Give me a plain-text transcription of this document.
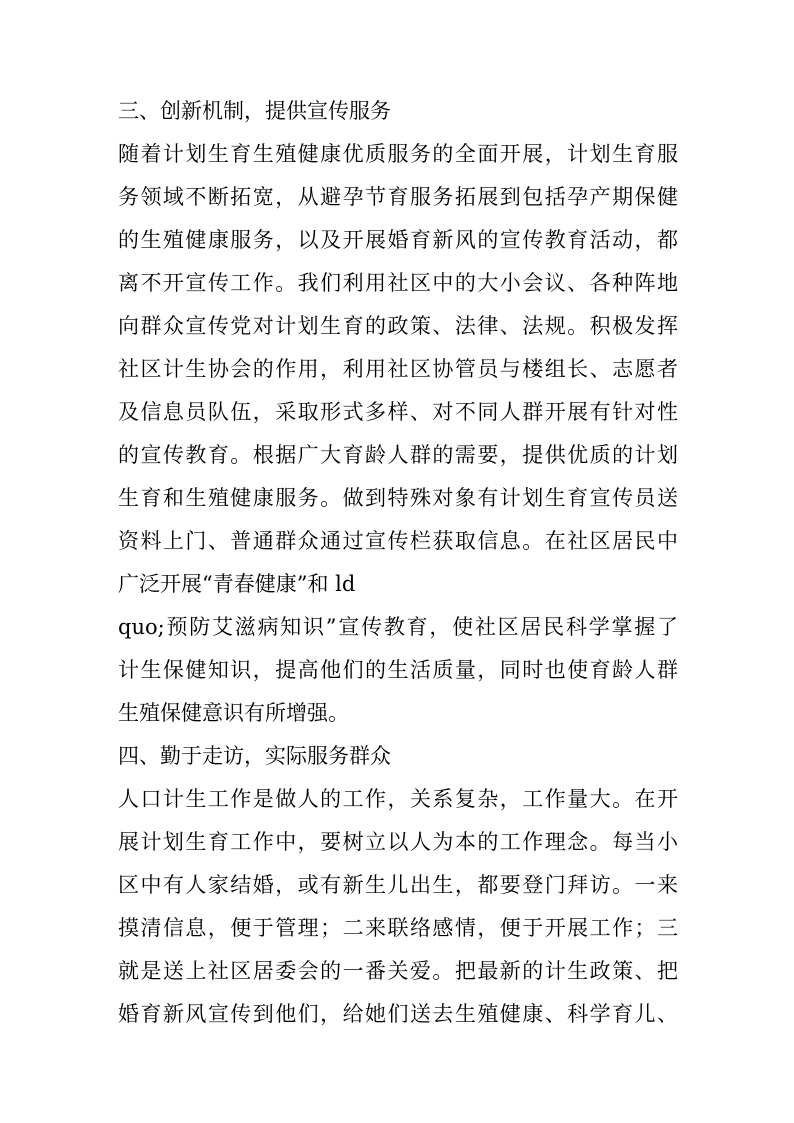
三、创新机制，提供宣传服务
随着计划生育生殖健康优质服务的全面开展，计划生育服
务领域不断拓宽，从避孕节育服务拓展到包括孕产期保健
的生殖健康服务，以及开展婚育新风的宣传教育活动，都
离不开宣传工作。我们利用社区中的大小会议、各种阵地
向群众宣传党对计划生育的政策、法律、法规。积极发挥
社区计生协会的作用，利用社区协管员与楼组长、志愿者
及信息员队伍，采取形式多样、对不同人群开展有针对性
的宣传教育。根据广大育龄人群的需要，提供优质的计划
生育和生殖健康服务。做到特殊对象有计划生育宣传员送
资料上门、普通群众通过宣传栏获取信息。在社区居民中
广泛开展“青春健康”和 ld
quo;预防艾滋病知识”宣传教育，使社区居民科学掌握了
计生保健知识，提高他们的生活质量，同时也使育龄人群
生殖保健意识有所增强。
四、勤于走访，实际服务群众
人口计生工作是做人的工作，关系复杂，工作量大。在开
展计划生育工作中，要树立以人为本的工作理念。每当小
区中有人家结婚，或有新生儿出生，都要登门拜访。一来
摸清信息，便于管理；二来联络感情，便于开展工作；三
就是送上社区居委会的一番关爱。把最新的计生政策、把
婚育新风宣传到他们，给她们送去生殖健康、科学育儿、
